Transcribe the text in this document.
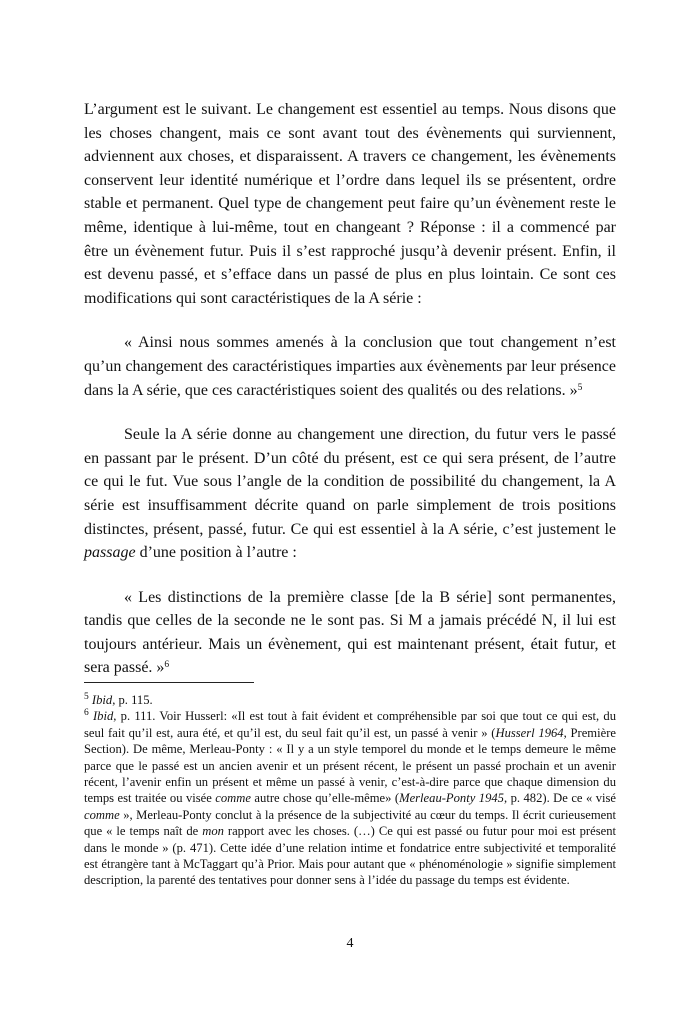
L’argument est le suivant. Le changement est essentiel au temps. Nous disons que les choses changent, mais ce sont avant tout des évènements qui surviennent, adviennent aux choses, et disparaissent. A travers ce changement, les évènements conservent leur identité numérique et l’ordre dans lequel ils se présentent, ordre stable et permanent. Quel type de changement peut faire qu’un évènement reste le même, identique à lui-même, tout en changeant ? Réponse : il a commencé par être un évènement futur. Puis il s’est rapproché jusqu’à devenir présent. Enfin, il est devenu passé, et s’efface dans un passé de plus en plus lointain. Ce sont ces modifications qui sont caractéristiques de la A série :

« Ainsi nous sommes amenés à la conclusion que tout changement n’est qu’un changement des caractéristiques imparties aux évènements par leur présence dans la A série, que ces caractéristiques soient des qualités ou des relations. »$^5$

Seule la A série donne au changement une direction, du futur vers le passé en passant par le présent. D’un côté du présent, est ce qui sera présent, de l’autre ce qui le fut. Vue sous l’angle de la condition de possibilité du changement, la A série est insuffisamment décrite quand on parle simplement de trois positions distinctes, présent, passé, futur. Ce qui est essentiel à la A série, c’est justement le passage d’une position à l’autre :

« Les distinctions de la première classe [de la B série] sont permanentes, tandis que celles de la seconde ne le sont pas. Si M a jamais précédé N, il lui est toujours antérieur. Mais un évènement, qui est maintenant présent, était futur, et sera passé. »$^6$

$^5$ Ibid, p. 115.

$^6$ Ibid, p. 111. Voir Husserl: «Il est tout à fait évident et compréhensible par soi que tout ce qui est, du seul fait qu’il est, aura été, et qu’il est, du seul fait qu’il est, un passé à venir » (Husserl 1964, Première Section). De même, Merleau-Ponty : « Il y a un style temporel du monde et le temps demeure le même parce que le passé est un ancien avenir et un présent récent, le présent un passé prochain et un avenir récent, l’avenir enfin un présent et même un passé à venir, c’est-à-dire parce que chaque dimension du temps est traitée ou visée comme autre chose qu’elle-même» (Merleau-Ponty 1945, p. 482). De ce « visé comme », Merleau-Ponty conclut à la présence de la subjectivité au cœur du temps. Il écrit curieusement que « le temps naît de mon rapport avec les choses. (…) Ce qui est passé ou futur pour moi est présent dans le monde » (p. 471). Cette idée d’une relation intime et fondatrice entre subjectivité et temporalité est étrangère tant à McTaggart qu’à Prior. Mais pour autant que « phénoménologie » signifie simplement description, la parenté des tentatives pour donner sens à l’idée du passage du temps est évidente.

4
